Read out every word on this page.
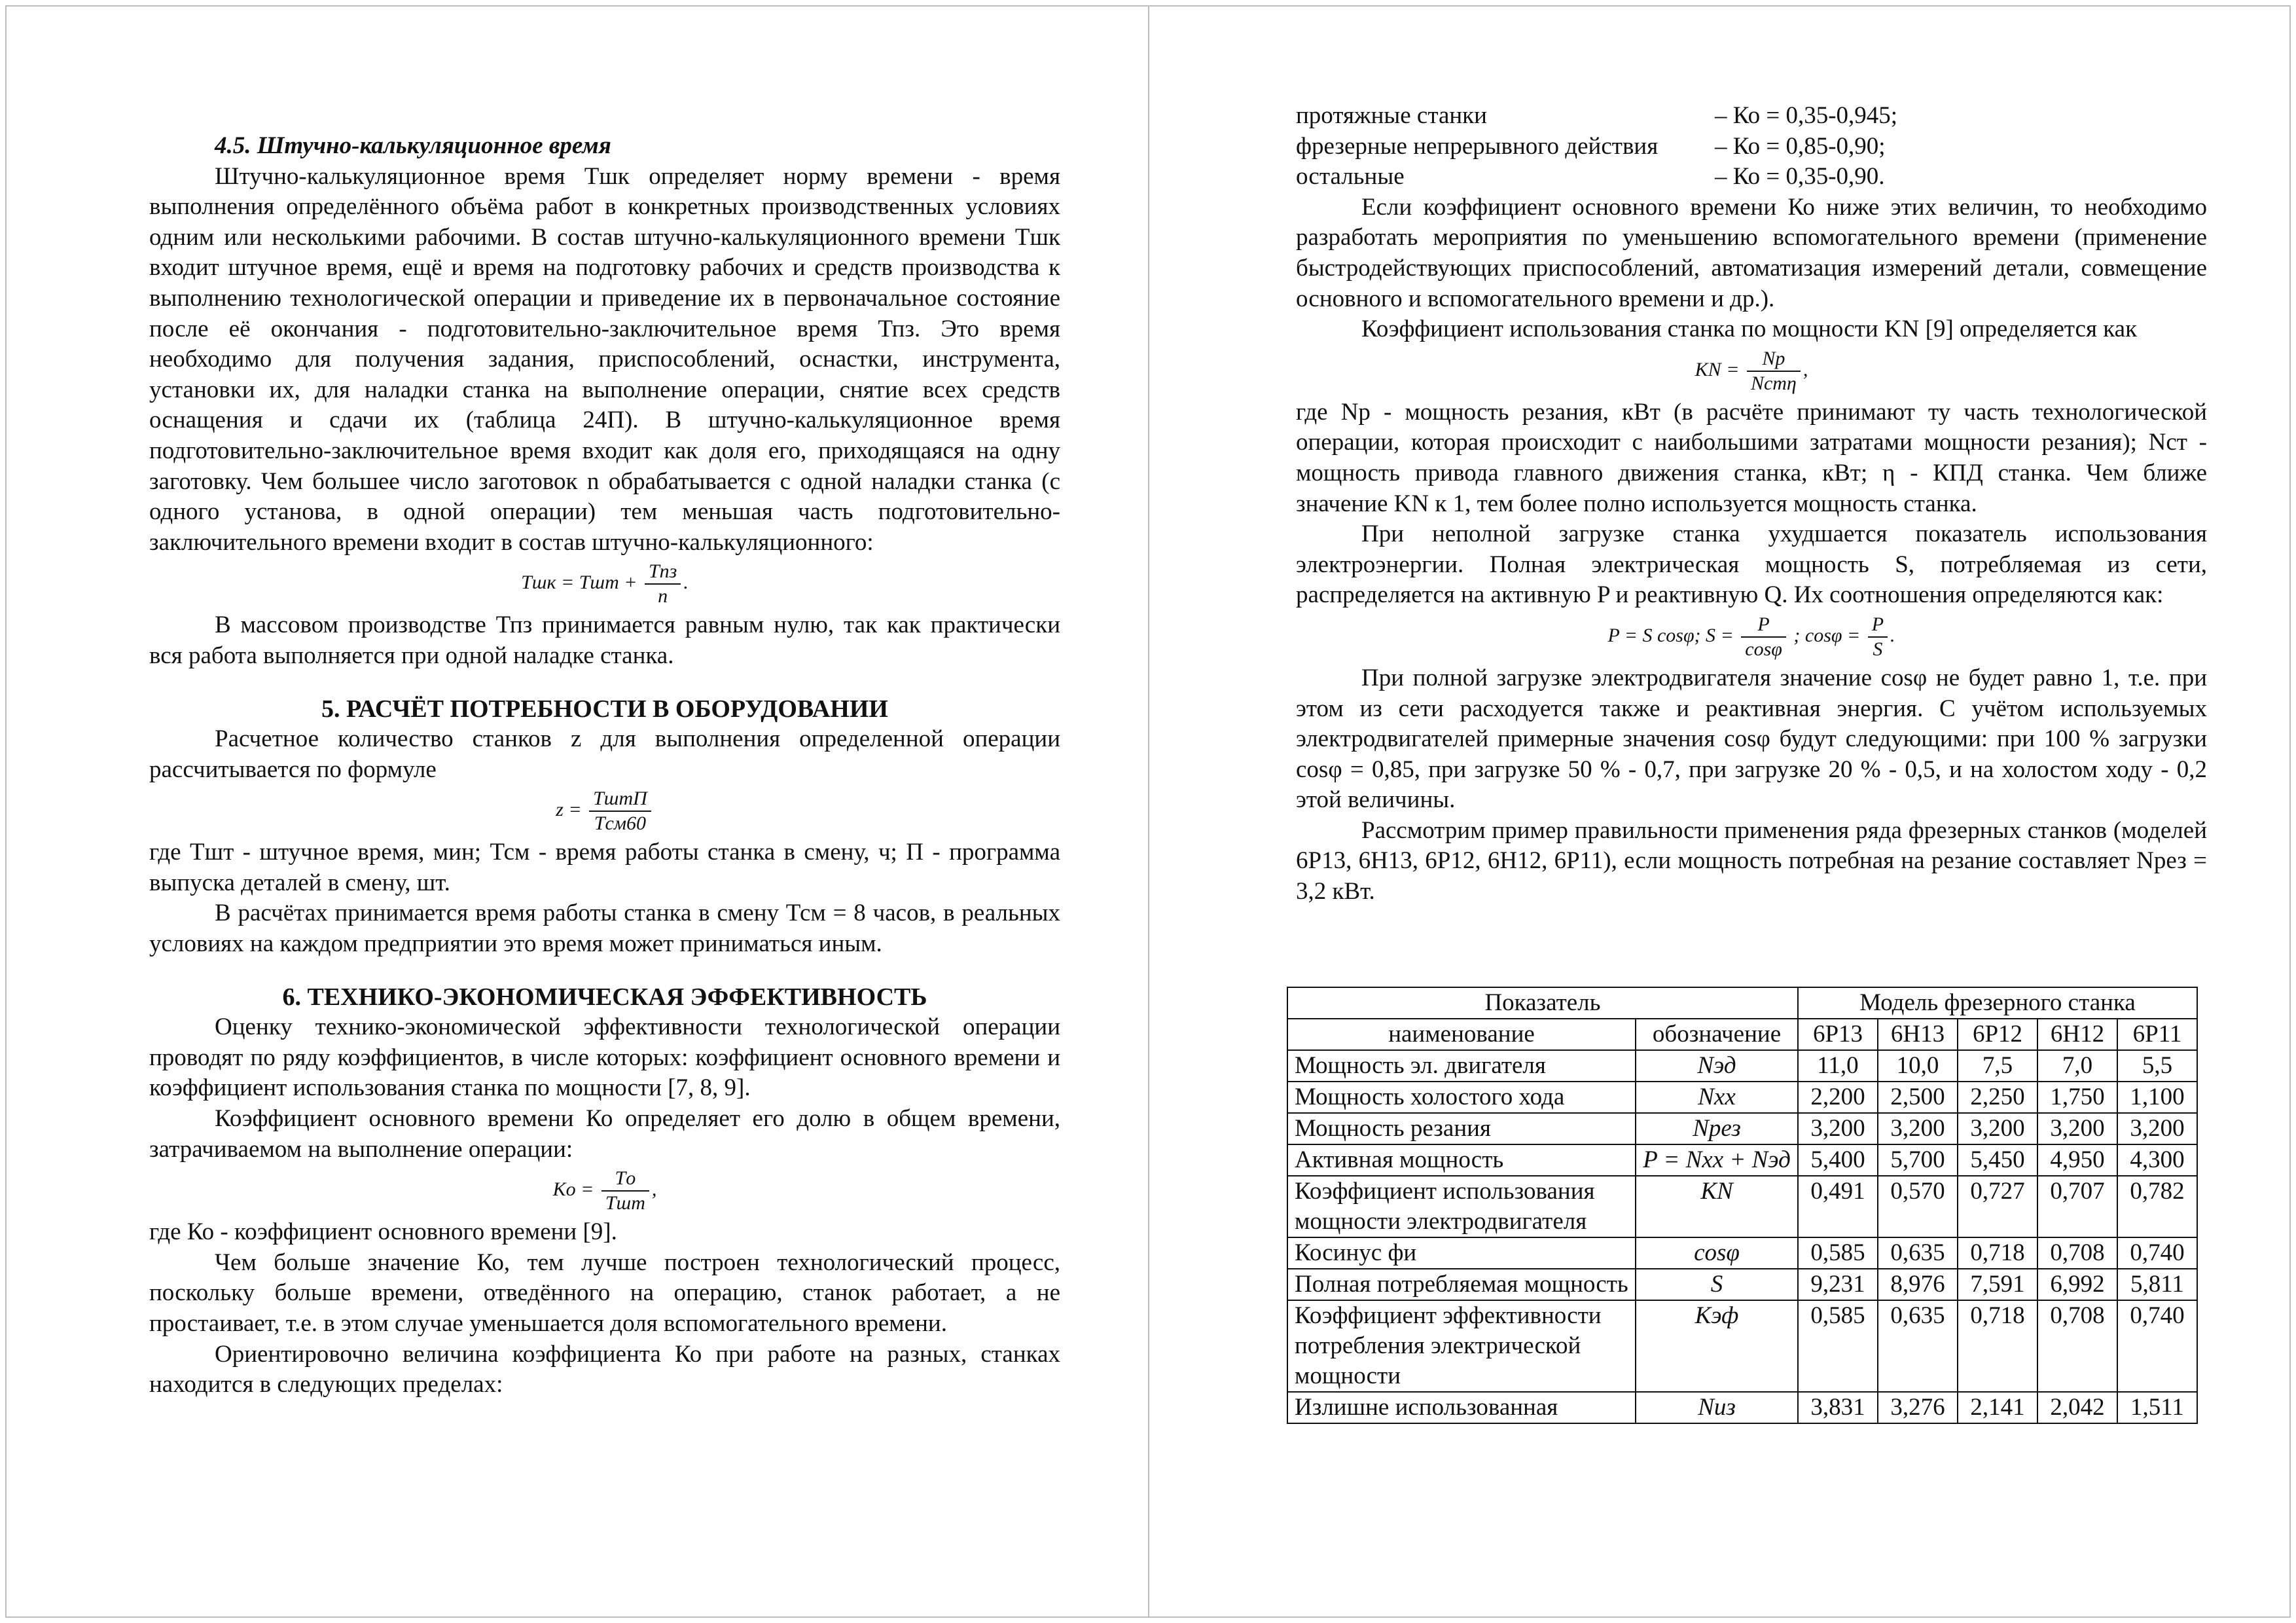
4.5. Штучно-калькуляционное время

Штучно-калькуляционное время Тшк определяет норму времени - время выполнения определённого объёма работ в конкретных производственных условиях одним или несколькими рабочими. В состав штучно-калькуляционного времени Тшк входит штучное время, ещё и время на подготовку рабочих и средств производства к выполнению технологической операции и приведение их в первоначальное состояние после её окончания - подготовительно-заключительное время Тпз. Это время необходимо для получения задания, приспособлений, оснастки, инструмента, установки их, для наладки станка на выполнение операции, снятие всех средств оснащения и сдачи их (таблица 24П). В штучно-калькуляционное время подготовительно-заключительное время входит как доля его, приходящаяся на одну заготовку. Чем большее число заготовок n обрабатывается с одной наладки станка (с одного установа, в одной операции) тем меньшая часть подготовительно-заключительного времени входит в состав штучно-калькуляционного:

Tшк = Tшт + $\frac{\text{Tпз}}{n}$ .

В массовом производстве Тпз принимается равным нулю, так как практически вся работа выполняется при одной наладке станка.

5. РАСЧЁТ ПОТРЕБНОСТИ В ОБОРУДОВАНИИ

Расчетное количество станков z для выполнения определенной операции рассчитывается по формуле

$z = \frac{\text{TштП}}{\text{Tсм60}}$

где Тшт - штучное время, мин; Тсм - время работы станка в смену, ч; П - программа выпуска деталей в смену, шт.

В расчётах принимается время работы станка в смену Тсм = 8 часов, в реальных условиях на каждом предприятии это время может приниматься иным.

6. ТЕХНИКО-ЭКОНОМИЧЕСКАЯ ЭФФЕКТИВНОСТЬ

Оценку технико-экономической эффективности технологической операции проводят по ряду коэффициентов, в числе которых: коэффициент основного времени и коэффициент использования станка по мощности [7, 8, 9].

Коэффициент основного времени Ко определяет его долю в общем времени, затрачиваемом на выполнение операции:

Kо = $\frac{Tо}{\text{Tшт}}$ ,

где Ко - коэффициент основного времени [9].

Чем больше значение Ко, тем лучше построен технологический процесс, поскольку больше времени, отведённого на операцию, станок работает, а не простаивает, т.е. в этом случае уменьшается доля вспомогательного времени.

Ориентировочно величина коэффициента Ко при работе на разных, станках находится в следующих пределах:

протяжные станки	– Ко = 0,35-0,945;
фрезерные непрерывного действия	– Ко = 0,85-0,90;
остальные	– Ко = 0,35-0,90.

Если коэффициент основного времени Ко ниже этих величин, то необходимо разработать мероприятия по уменьшению вспомогательного времени (применение быстродействующих приспособлений, автоматизация измерений детали, совмещение основного и вспомогательного времени и др.).

Коэффициент использования станка по мощности KN [9] определяется как

KN = $\frac{Nр}{\text{Nстη}}$ ,

где Nр - мощность резания, кВт (в расчёте принимают ту часть технологической операции, которая происходит с наибольшими затратами мощности резания); Nст - мощность привода главного движения станка, кВт; η - КПД станка. Чем ближе значение KN к 1, тем более полно используется мощность станка.

При неполной загрузке станка ухудшается показатель использования электроэнергии. Полная электрическая мощность S, потребляемая из сети, распределяется на активную P и реактивную Q. Их соотношения определяются как:

P = S cosφ; $S = \frac{P}{\cos\varphi}$ ; $\cos\varphi = \frac{P}{S}$ .

При полной загрузке электродвигателя значение cosφ не будет равно 1, т.е. при этом из сети расходуется также и реактивная энергия. С учётом используемых электродвигателей примерные значения cosφ будут следующими: при 100 % загрузки cosφ = 0,85, при загрузке 50 % - 0,7, при загрузке 20 % - 0,5, и на холостом ходу - 0,2 этой величины.

Рассмотрим пример правильности применения ряда фрезерных станков (моделей 6Р13, 6Н13, 6Р12, 6Н12, 6Р11), если мощность потребная на резание составляет Nрез = 3,2 кВт.

Показатель		Модель фрезерного станка				
наименование	обозначение	6Р13	6Н13	6Р12	6Н12	6Р11
Мощность эл. двигателя	Nэд	11,0	10,0	7,5	7,0	5,5
Мощность холостого хода	Nхх	2,200	2,500	2,250	1,750	1,100
Мощность резания	Nрез	3,200	3,200	3,200	3,200	3,200
Активная мощность	P = Nхх + Nэд	5,400	5,700	5,450	4,950	4,300
Коэффициент использования мощности электродвигателя	KN	0,491	0,570	0,727	0,707	0,782
Косинус фи	cosφ	0,585	0,635	0,718	0,708	0,740
Полная потребляемая мощность	S	9,231	8,976	7,591	6,992	5,811
Коэффициент эффективности потребления электрической мощности	Kэф	0,585	0,635	0,718	0,708	0,740
Излишне использованная	Nиз	3,831	3,276	2,141	2,042	1,511
